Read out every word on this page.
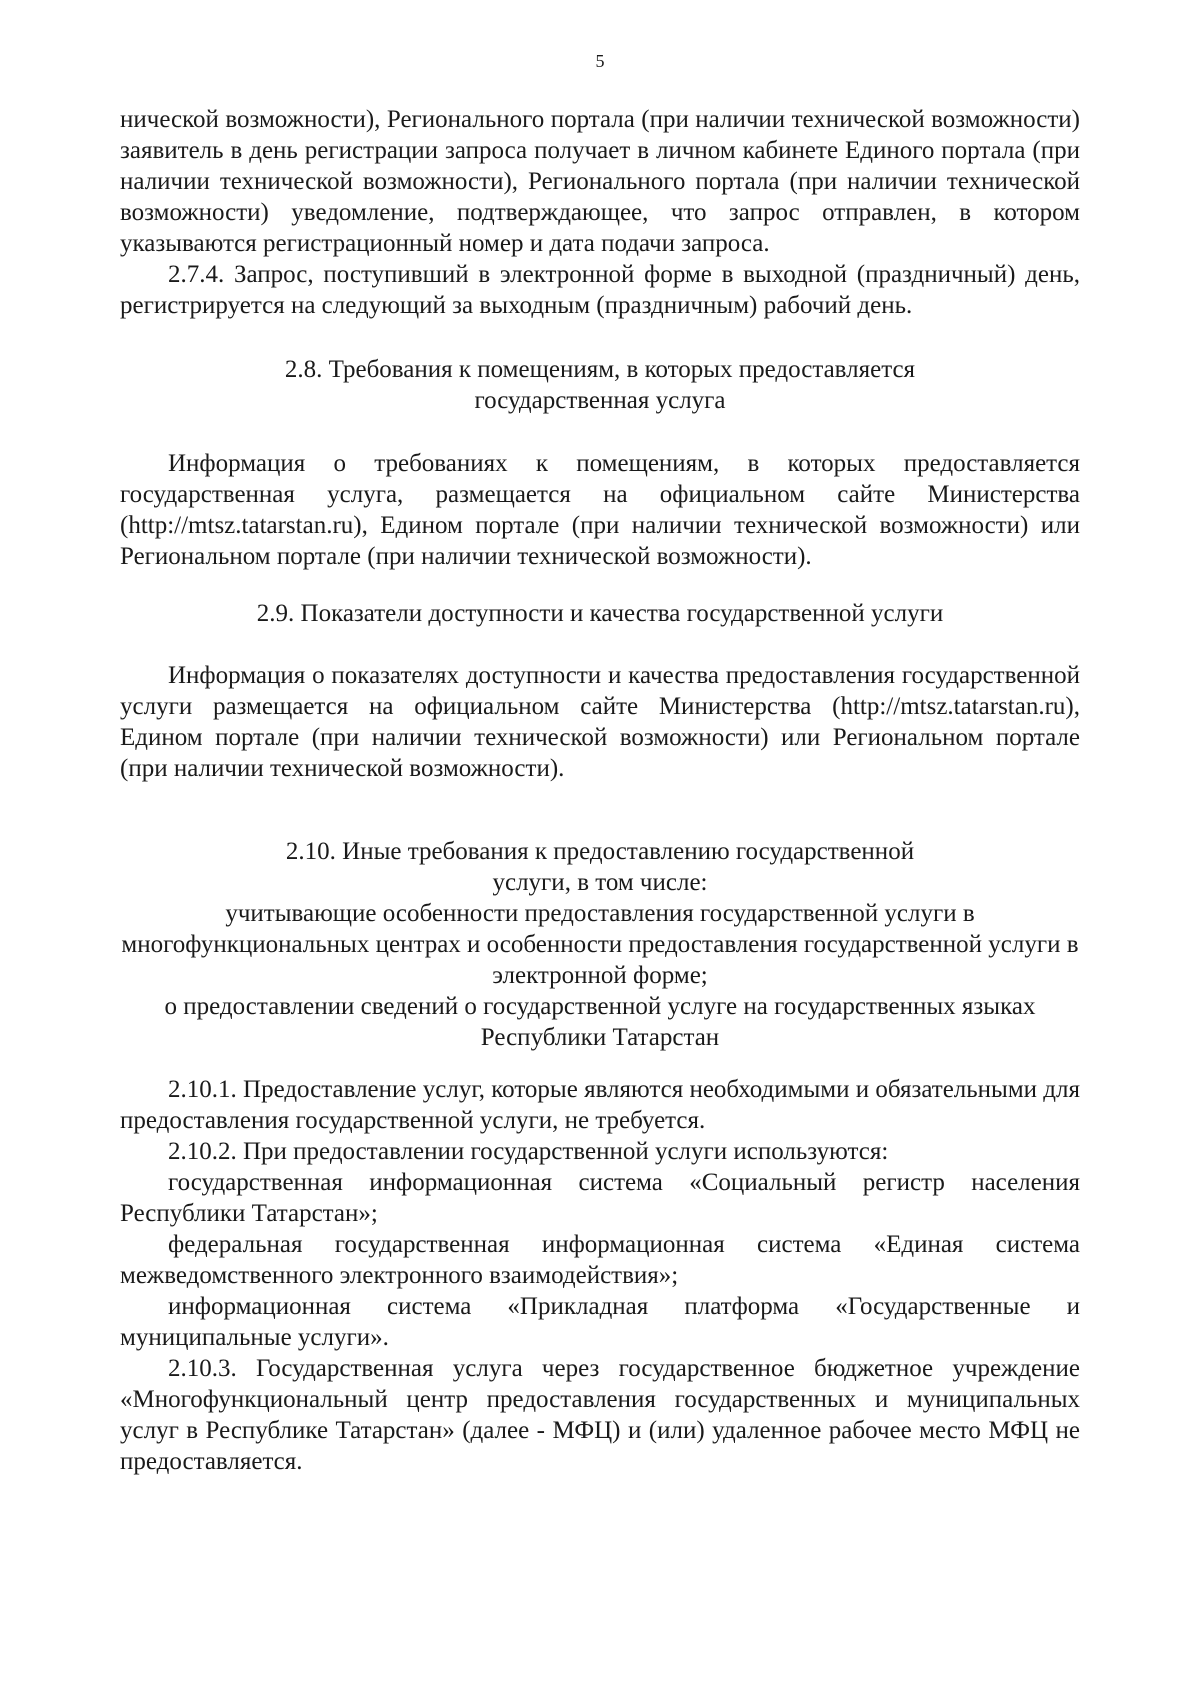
5

нической возможности), Регионального портала (при наличии технической возможности) заявитель в день регистрации запроса получает в личном кабинете Единого портала (при наличии технической возможности), Регионального портала (при наличии технической возможности) уведомление, подтверждающее, что запрос отправлен, в котором указываются регистрационный номер и дата подачи запроса.

2.7.4. Запрос, поступивший в электронной форме в выходной (праздничный) день, регистрируется на следующий за выходным (праздничным) рабочий день.

2.8. Требования к помещениям, в которых предоставляется

государственная услуга

Информация о требованиях к помещениям, в которых предоставляется государственная услуга, размещается на официальном сайте Министерства (http://mtsz.tatarstan.ru), Едином портале (при наличии технической возможности) или Региональном портале (при наличии технической возможности).

2.9. Показатели доступности и качества государственной услуги

Информация о показателях доступности и качества предоставления государственной услуги размещается на официальном сайте Министерства (http://mtsz.tatarstan.ru), Едином портале (при наличии технической возможности) или Региональном портале (при наличии технической возможности).

2.10. Иные требования к предоставлению государственной

услуги, в том числе:

учитывающие особенности предоставления государственной услуги в многофункциональных центрах и особенности предоставления государственной услуги в электронной форме;

о предоставлении сведений о государственной услуге на государственных языках Республики Татарстан

2.10.1. Предоставление услуг, которые являются необходимыми и обязательными для предоставления государственной услуги, не требуется.

2.10.2. При предоставлении государственной услуги используются:

государственная информационная система «Социальный регистр населения Республики Татарстан»;

федеральная государственная информационная система «Единая система межведомственного электронного взаимодействия»;

информационная система «Прикладная платформа «Государственные и муниципальные услуги».

2.10.3. Государственная услуга через государственное бюджетное учреждение «Многофункциональный центр предоставления государственных и муниципальных услуг в Республике Татарстан» (далее - МФЦ) и (или) удаленное рабочее место МФЦ не предоставляется.
